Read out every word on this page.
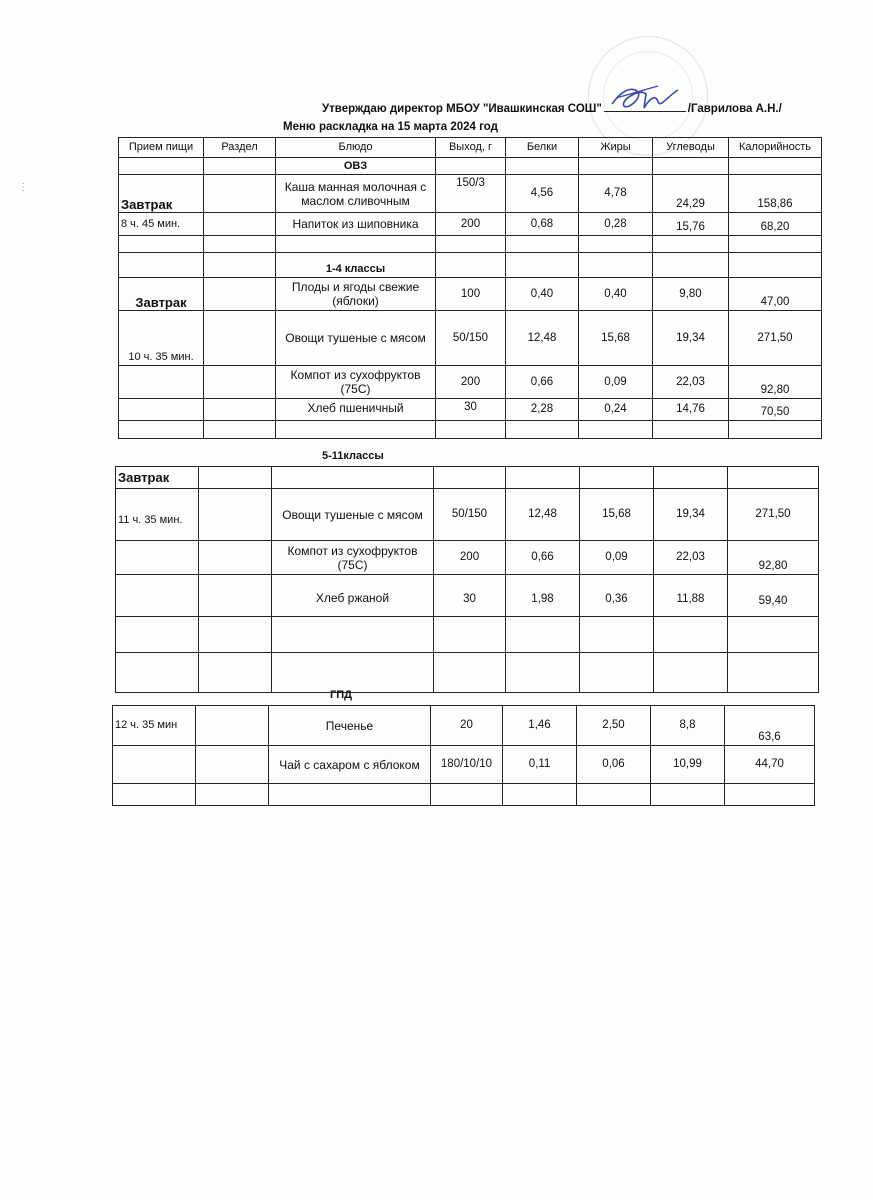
Утверждаю директор МБОУ "Ивашкинская СОШ"	/Гаврилова А.Н./
Меню раскладка на 15 марта 2024 год
.
:
Прием пищи	Раздел	Блюдо	Выход, г	Белки	Жиры	Углеводы	Калорийность
		ОВЗ					
Завтрак		Каша манная молочная с маслом сливочным	150/3	4,56	4,78	24,29	158,86
8 ч. 45 мин.		Напиток из шиповника	200	0,68	0,28	15,76	68,20

		1-4 классы					
Завтрак		Плоды и ягоды свежие (яблоки)	100	0,40	0,40	9,80	47,00
10 ч. 35 мин.		Овощи тушеные с мясом	50/150	12,48	15,68	19,34	271,50
		Компот из сухофруктов (75С)	200	0,66	0,09	22,03	92,80
		Хлеб пшеничный	30	2,28	0,24	14,76	70,50

5-11классы
Завтрак							
11 ч. 35 мин.		Овощи тушеные с мясом	50/150	12,48	15,68	19,34	271,50
		Компот из сухофруктов (75С)	200	0,66	0,09	22,03	92,80
		Хлеб ржаной	30	1,98	0,36	11,88	59,40

ГПД
12 ч. 35 мин		Печенье	20	1,46	2,50	8,8	63,6
		Чай с сахаром с яблоком	180/10/10	0,11	0,06	10,99	44,70
